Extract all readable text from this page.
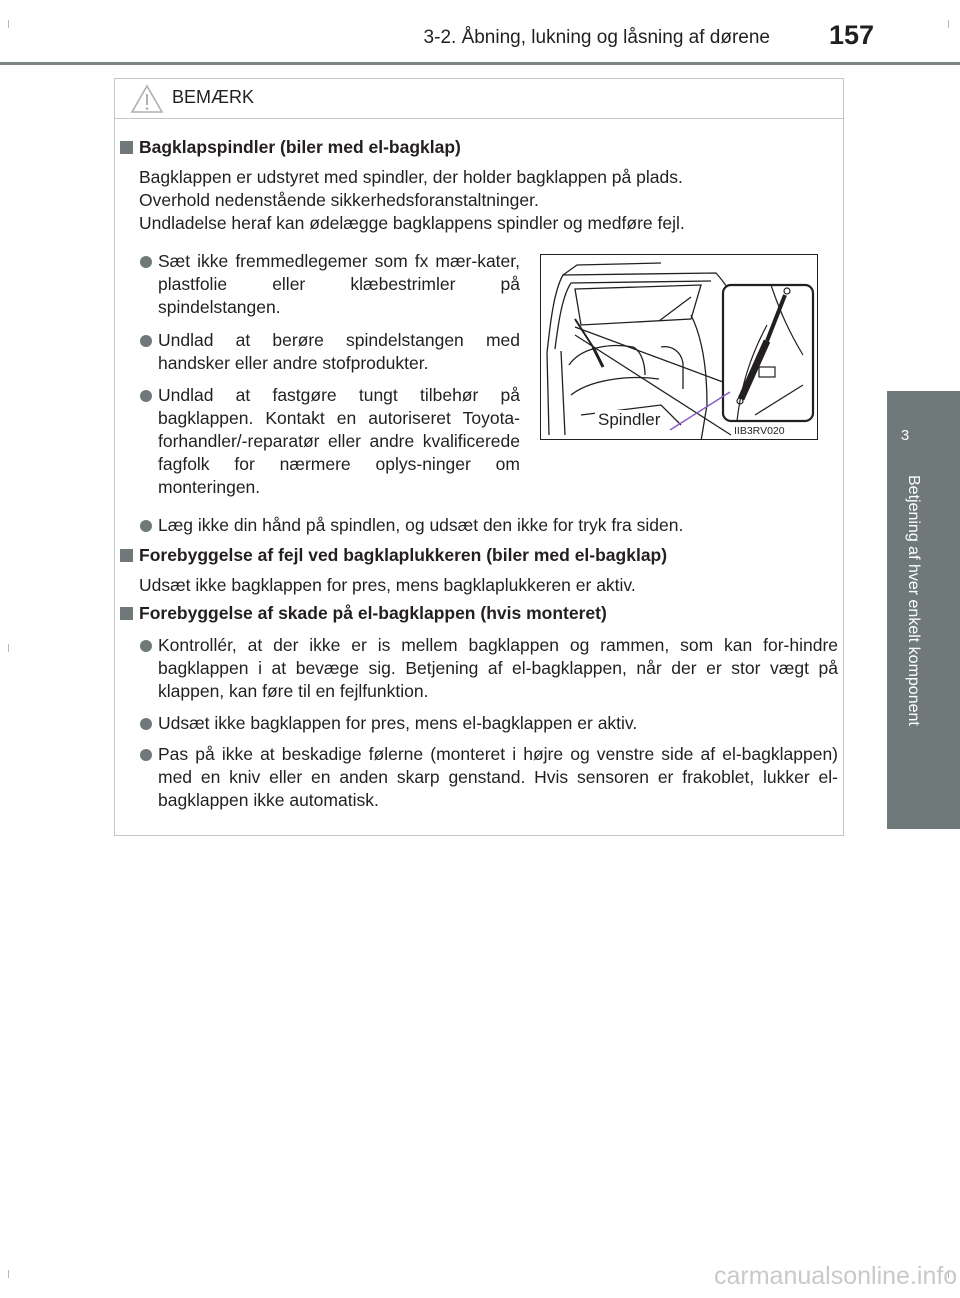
3-2. Åbning, lukning og låsning af dørene 157
3
Betjening af hver enkelt komponent
BEMÆRK
Bagklapspindler (biler med el-bagklap)
Bagklappen er udstyret med spindler, der holder bagklappen på plads.
Overhold nedenstående sikkerhedsforanstaltninger.
Undladelse heraf kan ødelægge bagklappens spindler og medføre fejl.
Sæt ikke fremmedlegemer som fx mær-kater, plastfolie eller klæbestrimler på spindelstangen.
Undlad at berøre spindelstangen med handsker eller andre stofprodukter.
Undlad at fastgøre tungt tilbehør på bagklappen. Kontakt en autoriseret Toyota-forhandler/-reparatør eller andre kvalificerede fagfolk for nærmere oplys-ninger om monteringen.
Læg ikke din hånd på spindlen, og udsæt den ikke for tryk fra siden.
Spindler
IIB3RV020
Forebyggelse af fejl ved bagklaplukkeren (biler med el-bagklap)
Udsæt ikke bagklappen for pres, mens bagklaplukkeren er aktiv.
Forebyggelse af skade på el-bagklappen (hvis monteret)
Kontrollér, at der ikke er is mellem bagklappen og rammen, som kan for-hindre bagklappen i at bevæge sig. Betjening af el-bagklappen, når der er stor vægt på klappen, kan føre til en fejlfunktion.
Udsæt ikke bagklappen for pres, mens el-bagklappen er aktiv.
Pas på ikke at beskadige følerne (monteret i højre og venstre side af el-bagklappen) med en kniv eller en anden skarp genstand. Hvis sensoren er frakoblet, lukker el-bagklappen ikke automatisk.
carmanualsonline.info
